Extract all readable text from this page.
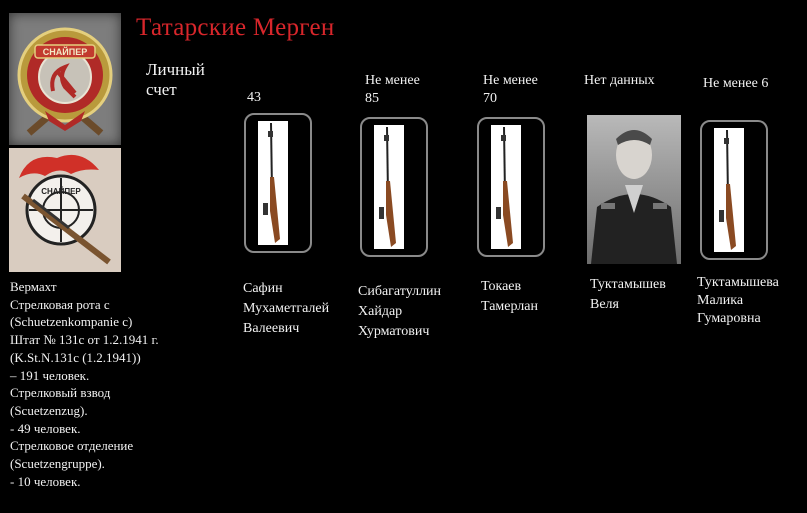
Татарские Мерген
СНАЙПЕР
СНАЙПЕР
Личный счет	43
Не менее 85
Не менее 70
Нет данных	Не менее 6
Сафин
Мухаметгалей
Валеевич
Сибагатуллин
Хайдар
Хурматович
Токаев
Тамерлан
Туктамышев
Веля
Туктамышева
Малика
Гумаровна
Вермахт
Стрелковая рота с
(Schuetzenkompanie c)
Штат № 131с от 1.2.1941 г.
(K.St.N.131c (1.2.1941))
– 191 человек.
Стрелковый взвод
(Scuetzenzug).
- 49 человек.
Стрелковое отделение
(Scuetzengruppe).
- 10 человек.
